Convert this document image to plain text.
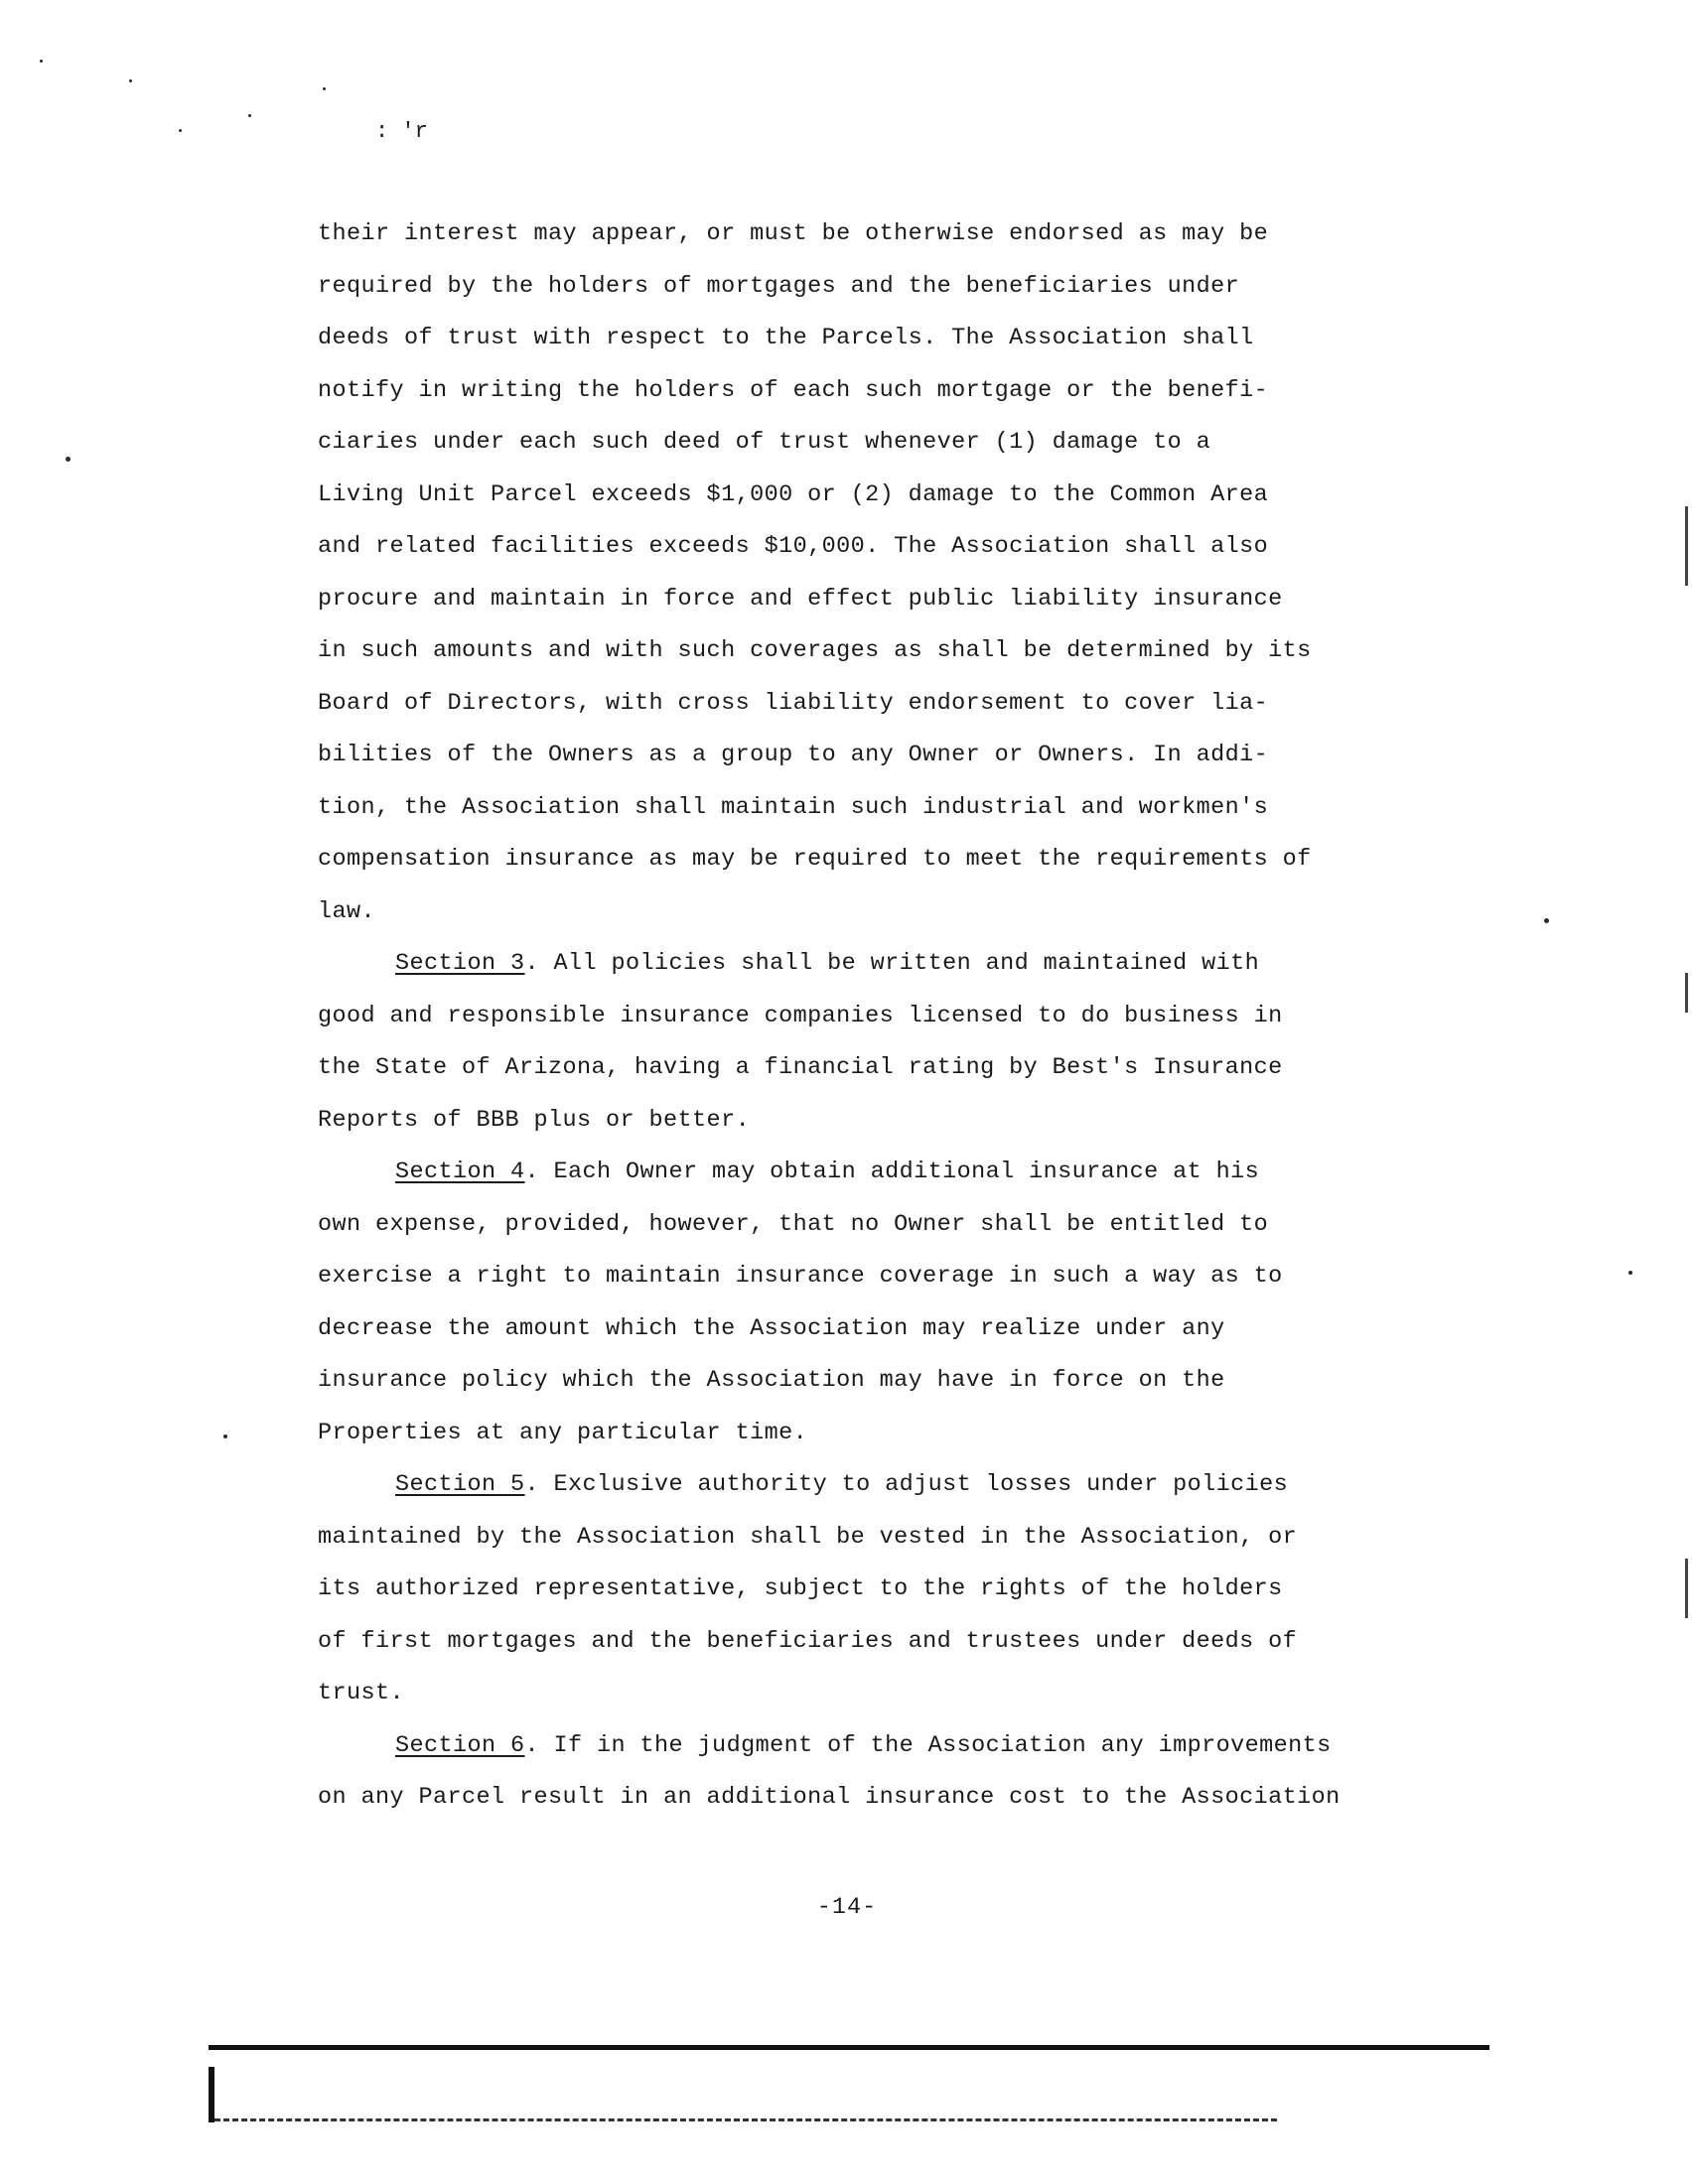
: 'r
their interest may appear, or must be otherwise endorsed as may be
required by the holders of mortgages and the beneficiaries under
deeds of trust with respect to the Parcels. The Association shall
notify in writing the holders of each such mortgage or the benefi-
ciaries under each such deed of trust whenever (1) damage to a
Living Unit Parcel exceeds $1,000 or (2) damage to the Common Area
and related facilities exceeds $10,000. The Association shall also
procure and maintain in force and effect public liability insurance
in such amounts and with such coverages as shall be determined by its
Board of Directors, with cross liability endorsement to cover lia-
bilities of the Owners as a group to any Owner or Owners. In addi-
tion, the Association shall maintain such industrial and workmen's
compensation insurance as may be required to meet the requirements of
law.
Section 3. All policies shall be written and maintained with
good and responsible insurance companies licensed to do business in
the State of Arizona, having a financial rating by Best's Insurance
Reports of BBB plus or better.
Section 4. Each Owner may obtain additional insurance at his
own expense, provided, however, that no Owner shall be entitled to
exercise a right to maintain insurance coverage in such a way as to
decrease the amount which the Association may realize under any
insurance policy which the Association may have in force on the
Properties at any particular time.
Section 5. Exclusive authority to adjust losses under policies
maintained by the Association shall be vested in the Association, or
its authorized representative, subject to the rights of the holders
of first mortgages and the beneficiaries and trustees under deeds of
trust.
Section 6. If in the judgment of the Association any improvements
on any Parcel result in an additional insurance cost to the Association
-14-
